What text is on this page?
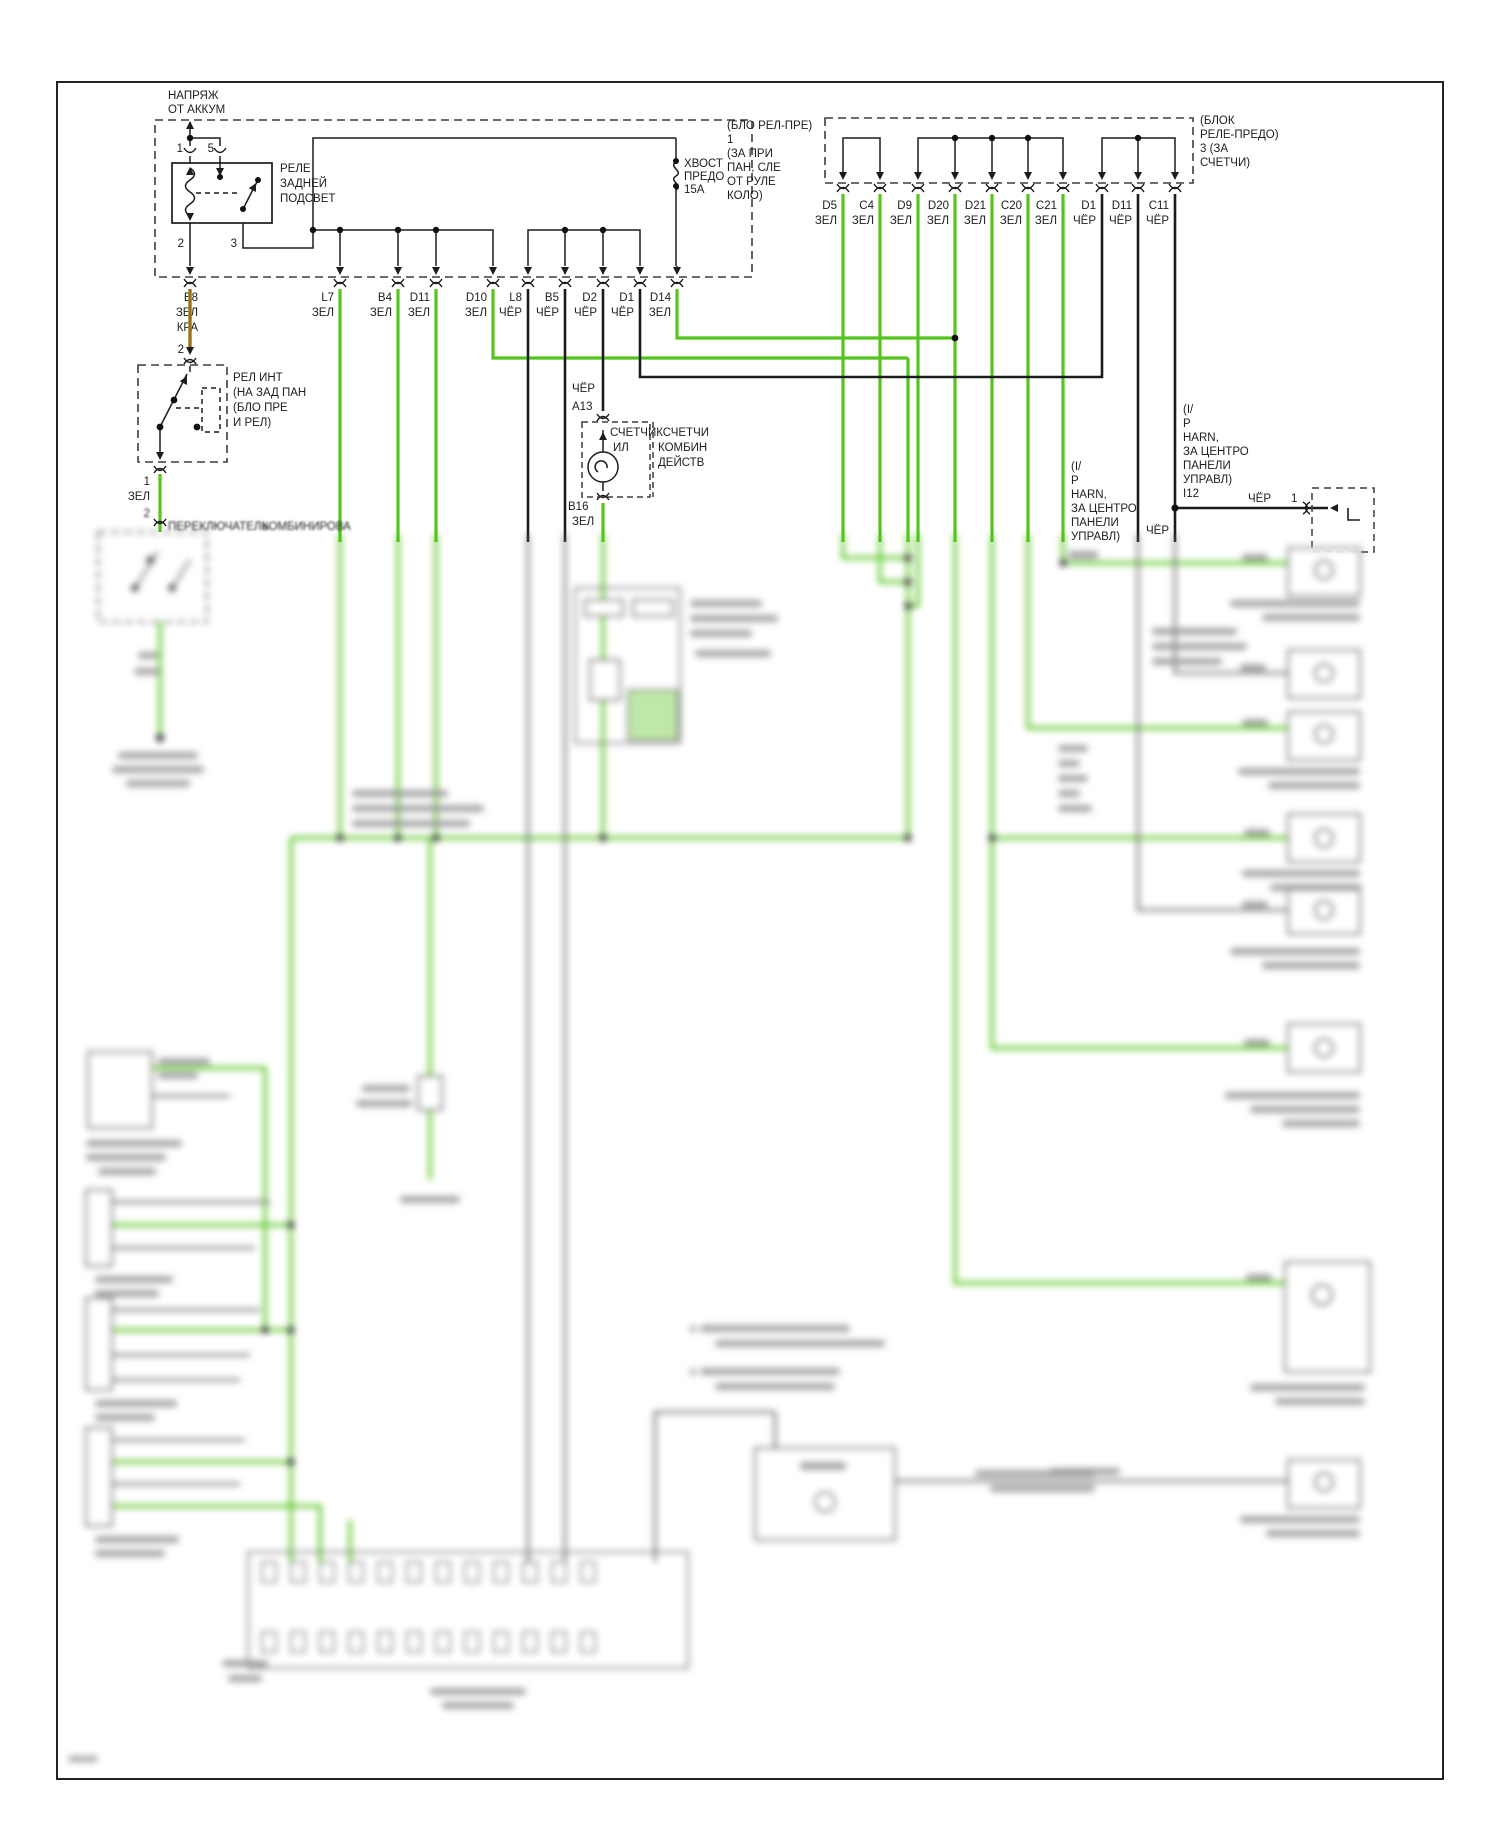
НАПРЯЖ
ОТ АККУМ
РЕЛЕ
ЗАДНЕЙ
ПОДСВЕТ
1 5
2	3
ХВОСТ
ПРЕДО
15А
(БЛО РЕЛ-ПРЕ)
1
(ЗА ПРИ
ПАН, СЛЕ
ОТ РУЛЕ
КОЛО)
B8
ЗЕЛ
КРА
L7
ЗЕЛ
B4
ЗЕЛ
D11
ЗЕЛ
D10
ЗЕЛ
L8
ЧЁР
B5
ЧЁР
D2
ЧЁР
D1
ЧЁР
D14
ЗЕЛ
(БЛОК
РЕЛЕ-ПРЕДО)
3 (ЗА
СЧЕТЧИ)
D5
ЗЕЛ
C4
ЗЕЛ
D9
ЗЕЛ
D20
ЗЕЛ
D21
ЗЕЛ
C20
ЗЕЛ
C21
ЗЕЛ
D1
ЧЁР
D11
ЧЁР
C11
ЧЁР
ЧЁР 1
ЧЁР
(I/
P
HARN,
ЗА ЦЕНТРО
ПАНЕЛИ
УПРАВЛ)
I12
(I/
P
HARN,
ЗА ЦЕНТРО
ПАНЕЛИ
УПРАВЛ)
2
РЕЛ ИНТ
(НА ЗАД ПАН
(БЛО ПРЕ
И РЕЛ)
1
ЗЕЛ
ЧЁР
A13
СЧЕТЧИКСЧЕТЧИ
ИЛ	КОМБИН
ДЕЙСТВ
B16
ЗЕЛ
2
ПЕРЕКЛЮЧАТЕЛЬ
КОМБИНИРОВА
